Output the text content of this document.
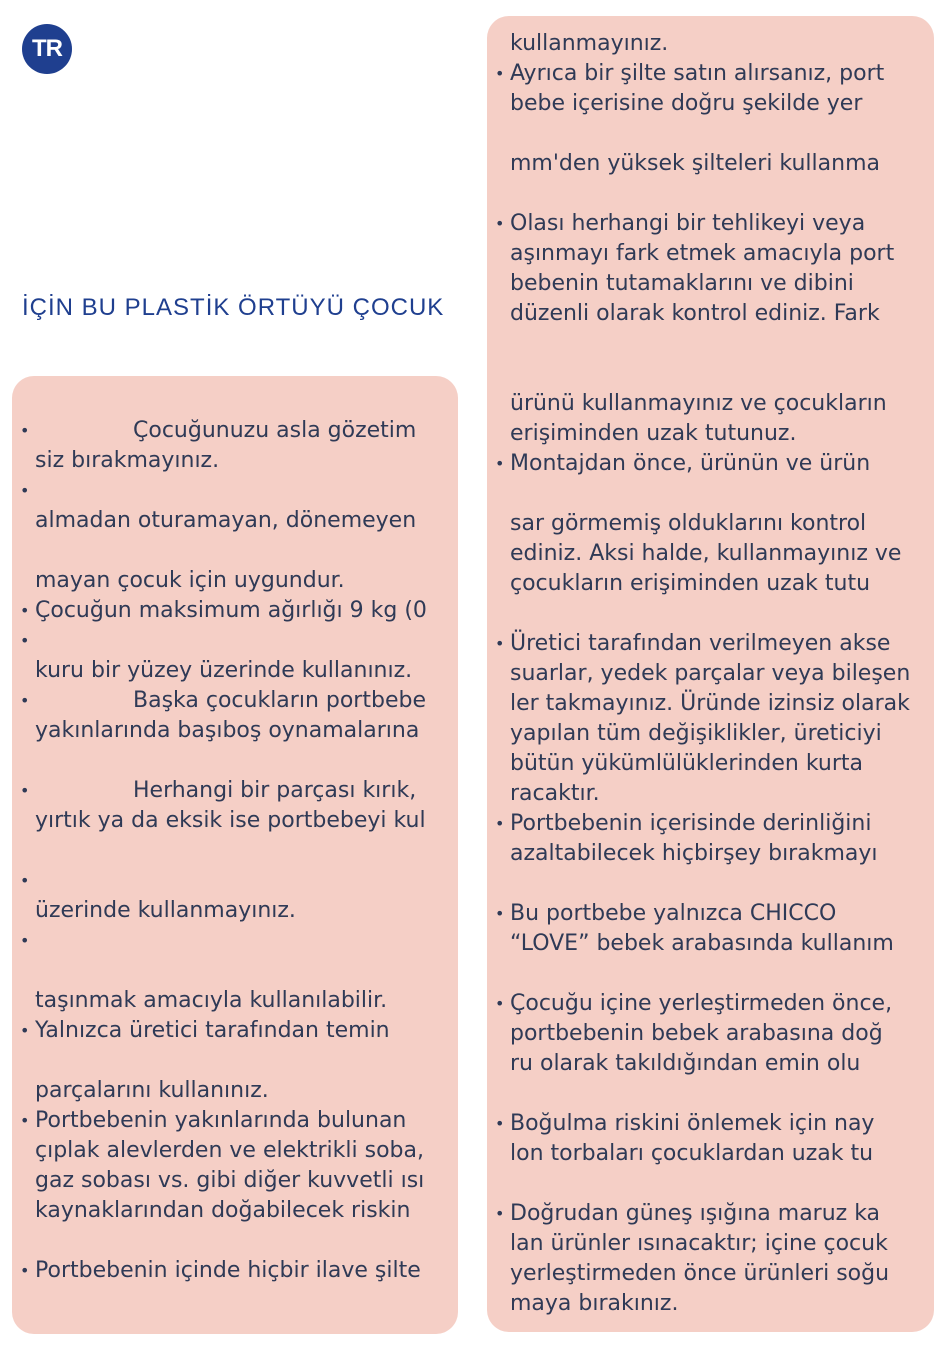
TR
İÇİN BU PLASTİK ÖRTÜYÜ ÇOCUK
•	Çocuğunuzu asla gözetim
siz bırakmayınız.
•
almadan oturamayan, dönemeyen
mayan çocuk için uygundur.
• Çocuğun maksimum ağırlığı 9 kg (0
•
kuru bir yüzey üzerinde kullanınız.
•	Başka çocukların portbebe
yakınlarında başıboş oynamalarına
•	Herhangi bir parçası kırık,
yırtık ya da eksik ise portbebeyi kul
•
üzerinde kullanmayınız.
•
taşınmak amacıyla kullanılabilir.
• Yalnızca üretici tarafından temin
parçalarını kullanınız.
• Portbebenin yakınlarında bulunan
çıplak alevlerden ve elektrikli soba,
gaz sobası vs. gibi diğer kuvvetli ısı
kaynaklarından doğabilecek riskin
• Portbebenin içinde hiçbir ilave şilte
kullanmayınız.
• Ayrıca bir şilte satın alırsanız, port
bebe içerisine doğru şekilde yer
mm'den yüksek şilteleri kullanma
• Olası herhangi bir tehlikeyi veya
aşınmayı fark etmek amacıyla port
bebenin tutamaklarını ve dibini
düzenli olarak kontrol ediniz. Fark
ürünü kullanmayınız ve çocukların
erişiminden uzak tutunuz.
• Montajdan önce, ürünün ve ürün
sar görmemiş olduklarını kontrol
ediniz. Aksi halde, kullanmayınız ve
çocukların erişiminden uzak tutu
• Üretici tarafından verilmeyen akse
suarlar, yedek parçalar veya bileşen
ler takmayınız. Üründe izinsiz olarak
yapılan tüm değişiklikler, üreticiyi
bütün yükümlülüklerinden kurta
racaktır.
• Portbebenin içerisinde derinliğini
azaltabilecek hiçbirşey bırakmayı
• Bu portbebe yalnızca CHICCO
“LOVE” bebek arabasında kullanım
• Çocuğu içine yerleştirmeden önce,
portbebenin bebek arabasına doğ
ru olarak takıldığından emin olu
• Boğulma riskini önlemek için nay
lon torbaları çocuklardan uzak tu
• Doğrudan güneş ışığına maruz ka
lan ürünler ısınacaktır; içine çocuk
yerleştirmeden önce ürünleri soğu
maya bırakınız.
